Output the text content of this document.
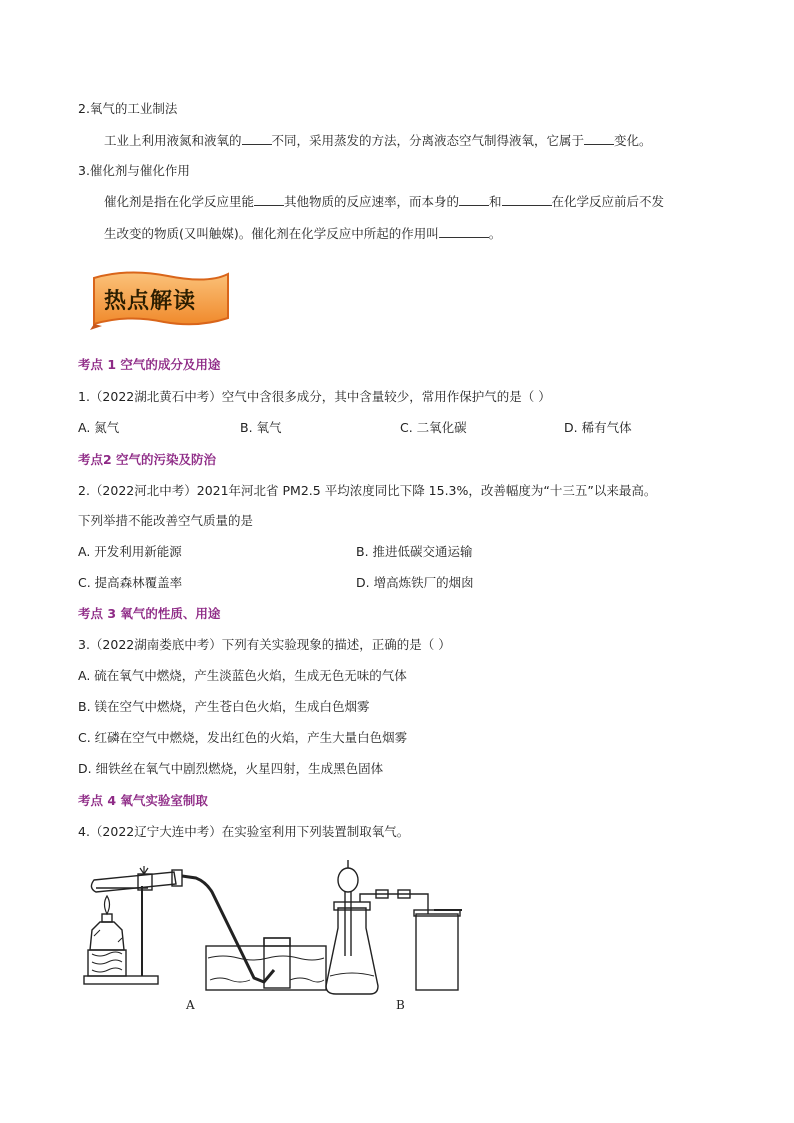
2.氧气的工业制法
工业上利用液氮和液氧的 不同，采用蒸发的方法，分离液态空气制得液氧，它属于 变化。
3.催化剂与催化作用
催化剂是指在化学反应里能 其他物质的反应速率，而本身的 和	在化学反应前后不发
生改变的物质(又叫触媒)。催化剂在化学反应中所起的作用叫	。
热点解读
考点 1 空气的成分及用途
1.（2022湖北黄石中考）空气中含很多成分，其中含量较少，常用作保护气的是（ ）
A. 氮气	B. 氧气	C. 二氧化碳	D. 稀有气体
考点2 空气的污染及防治
2.（2022河北中考）2021年河北省 PM2.5 平均浓度同比下降 15.3%，改善幅度为“十三五”以来最高。
下列举措不能改善空气质量的是
A. 开发利用新能源	B. 推进低碳交通运输
C. 提高森林覆盖率	D. 增高炼铁厂的烟囱
考点 3 氧气的性质、用途
3.（2022湖南娄底中考）下列有关实验现象的描述，正确的是（ ）
A. 硫在氧气中燃烧，产生淡蓝色火焰，生成无色无味的气体
B. 镁在空气中燃烧，产生苍白色火焰，生成白色烟雾
C. 红磷在空气中燃烧，发出红色的火焰，产生大量白色烟雾
D. 细铁丝在氧气中剧烈燃烧，火星四射，生成黑色固体
考点 4 氧气实验室制取
4.（2022辽宁大连中考）在实验室利用下列装置制取氧气。
A	B
